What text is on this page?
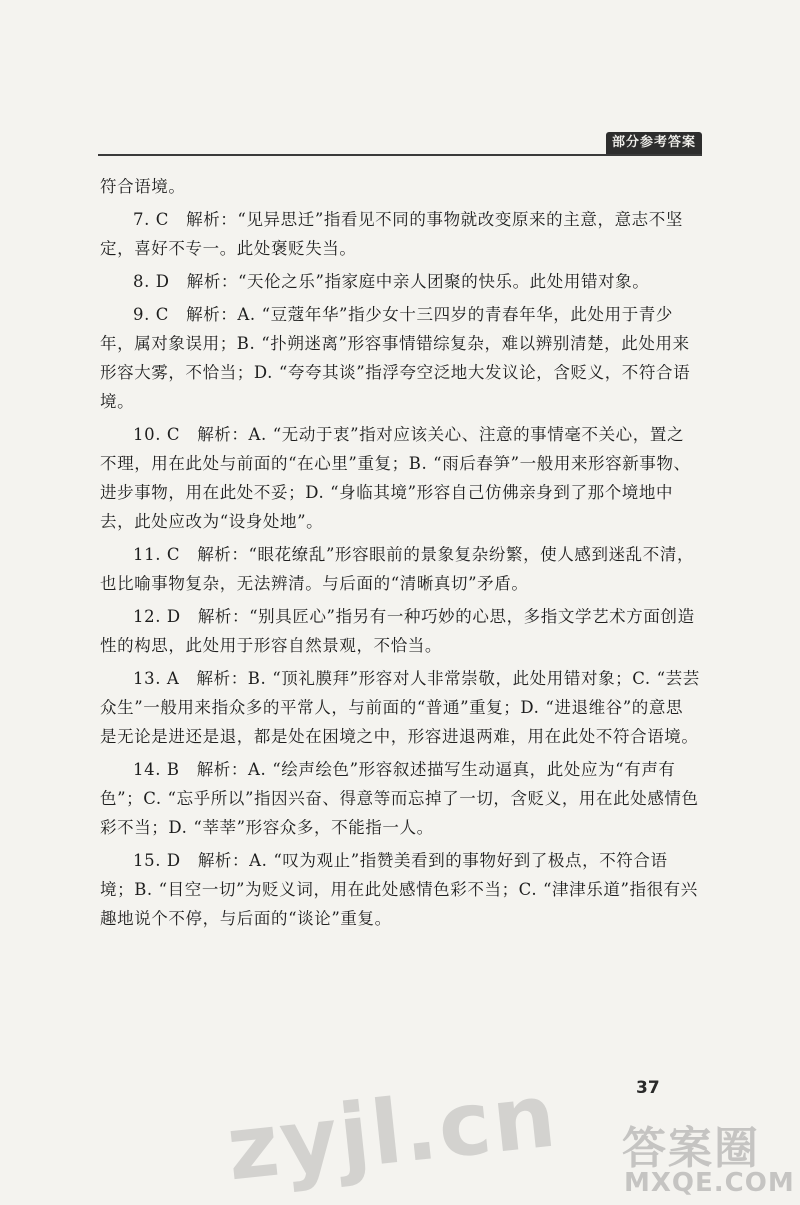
部分参考答案

符合语境。

7. C　解析：“见异思迁”指看见不同的事物就改变原来的主意，意志不坚定，喜好不专一。此处褒贬失当。

8. D　解析：“天伦之乐”指家庭中亲人团聚的快乐。此处用错对象。

9. C　解析：A. “豆蔻年华”指少女十三四岁的青春年华，此处用于青少年，属对象误用；B. “扑朔迷离”形容事情错综复杂，难以辨别清楚，此处用来形容大雾，不恰当；D. “夸夸其谈”指浮夸空泛地大发议论，含贬义，不符合语境。

10. C　解析：A. “无动于衷”指对应该关心、注意的事情毫不关心，置之不理，用在此处与前面的“在心里”重复；B. “雨后春笋”一般用来形容新事物、进步事物，用在此处不妥；D. “身临其境”形容自己仿佛亲身到了那个境地中去，此处应改为“设身处地”。

11. C　解析：“眼花缭乱”形容眼前的景象复杂纷繁，使人感到迷乱不清，也比喻事物复杂，无法辨清。与后面的“清晰真切”矛盾。

12. D　解析：“别具匠心”指另有一种巧妙的心思，多指文学艺术方面创造性的构思，此处用于形容自然景观，不恰当。

13. A　解析：B. “顶礼膜拜”形容对人非常崇敬，此处用错对象；C. “芸芸众生”一般用来指众多的平常人，与前面的“普通”重复；D. “进退维谷”的意思是无论是进还是退，都是处在困境之中，形容进退两难，用在此处不符合语境。

14. B　解析：A. “绘声绘色”形容叙述描写生动逼真，此处应为“有声有色”；C. “忘乎所以”指因兴奋、得意等而忘掉了一切，含贬义，用在此处感情色彩不当；D. “莘莘”形容众多，不能指一人。

15. D　解析：A. “叹为观止”指赞美看到的事物好到了极点，不符合语境；B. “目空一切”为贬义词，用在此处感情色彩不当；C. “津津乐道”指很有兴趣地说个不停，与后面的“谈论”重复。

37
zyjl.cn 答案圈
MXQE.COM
